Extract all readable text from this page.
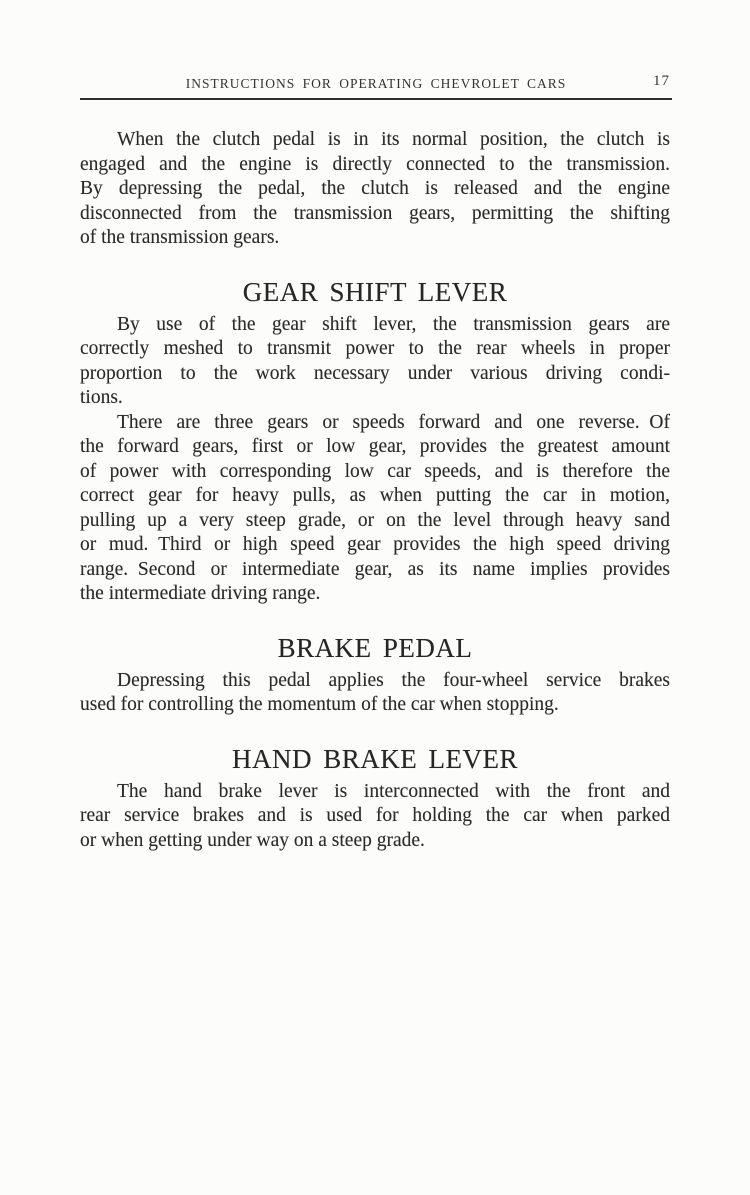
INSTRUCTIONS FOR OPERATING CHEVROLET CARS	17
When the clutch pedal is in its normal position, the clutch is
engaged and the engine is directly connected to the transmission.
By depressing the pedal, the clutch is released and the engine
disconnected from the transmission gears, permitting the shifting
of the transmission gears.
GEAR SHIFT LEVER
By use of the gear shift lever, the transmission gears are
correctly meshed to transmit power to the rear wheels in proper
proportion to the work necessary under various driving condi-
tions.
There are three gears or speeds forward and one reverse. Of
the forward gears, first or low gear, provides the greatest amount
of power with corresponding low car speeds, and is therefore the
correct gear for heavy pulls, as when putting the car in motion,
pulling up a very steep grade, or on the level through heavy sand
or mud. Third or high speed gear provides the high speed driving
range. Second or intermediate gear, as its name implies provides
the intermediate driving range.
BRAKE PEDAL
Depressing this pedal applies the four-wheel service brakes
used for controlling the momentum of the car when stopping.
HAND BRAKE LEVER
The hand brake lever is interconnected with the front and
rear service brakes and is used for holding the car when parked
or when getting under way on a steep grade.
